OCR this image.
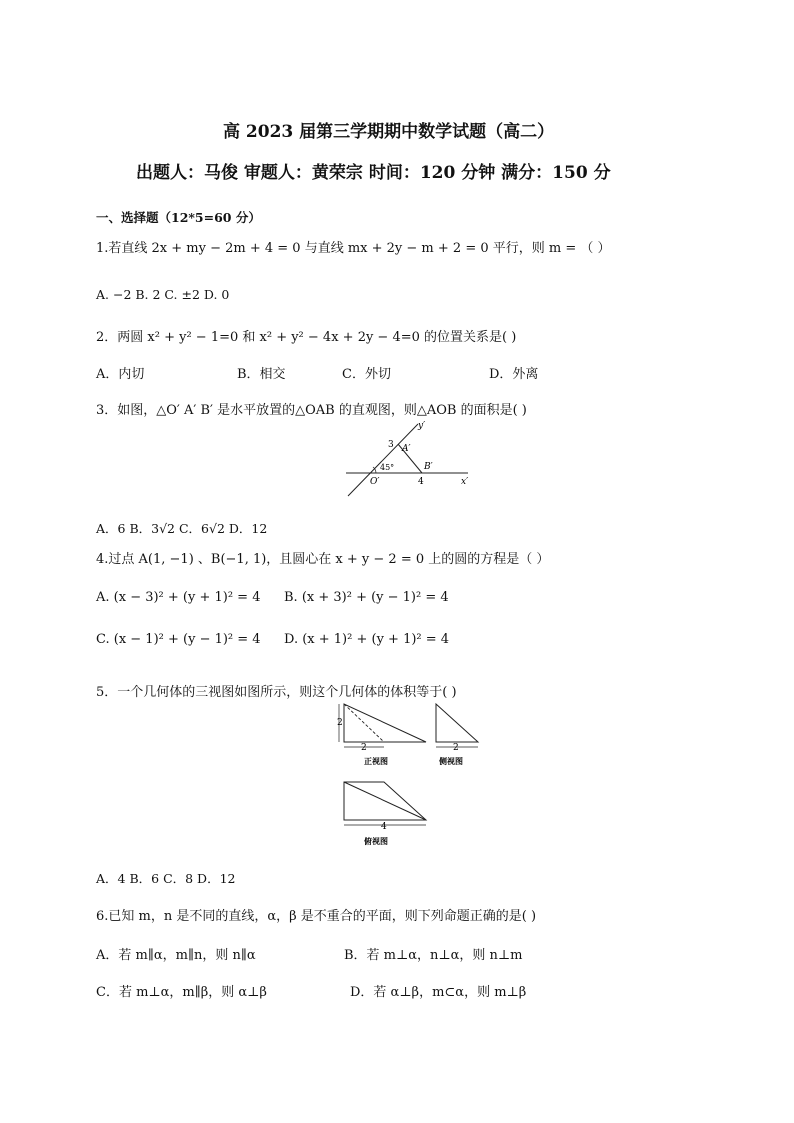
高 2023 届第三学期期中数学试题（高二）
出题人：马俊 审题人：黄荣宗 时间：120 分钟 满分：150 分
一、选择题（12*5=60 分）
1.若直线 2x + my − 2m + 4 = 0 与直线 mx + 2y − m + 2 = 0 平行，则 m = （ ）
A. −2 B. 2 C. ±2 D. 0
2．两圆 x² + y² − 1=0 和 x² + y² − 4x + 2y − 4=0 的位置关系是( )
A．内切	B．相交	C．外切	D．外离
3．如图，△O′ A′ B′ 是水平放置的△OAB 的直观图，则△AOB 的面积是( )
y′
A′
3
45°	B′
O′	4	x′
A．6 B．3√2 C．6√2 D．12
4.过点 A(1, −1) 、B(−1, 1)，且圆心在 x + y − 2 = 0 上的圆的方程是（ ）
A. (x − 3)² + (y + 1)² = 4 B. (x + 3)² + (y − 1)² = 4
C. (x − 1)² + (y − 1)² = 4 D. (x + 1)² + (y + 1)² = 4
5．一个几何体的三视图如图所示，则这个几何体的体积等于( )
2
2
正视图
2
侧视图
4
俯视图
A．4 B．6 C．8 D．12
6.已知 m，n 是不同的直线，α，β 是不重合的平面，则下列命题正确的是( )
A．若 m∥α，m∥n，则 n∥α	B．若 m⊥α，n⊥α，则 n⊥m
C．若 m⊥α，m∥β，则 α⊥β	D．若 α⊥β，m⊂α，则 m⊥β
